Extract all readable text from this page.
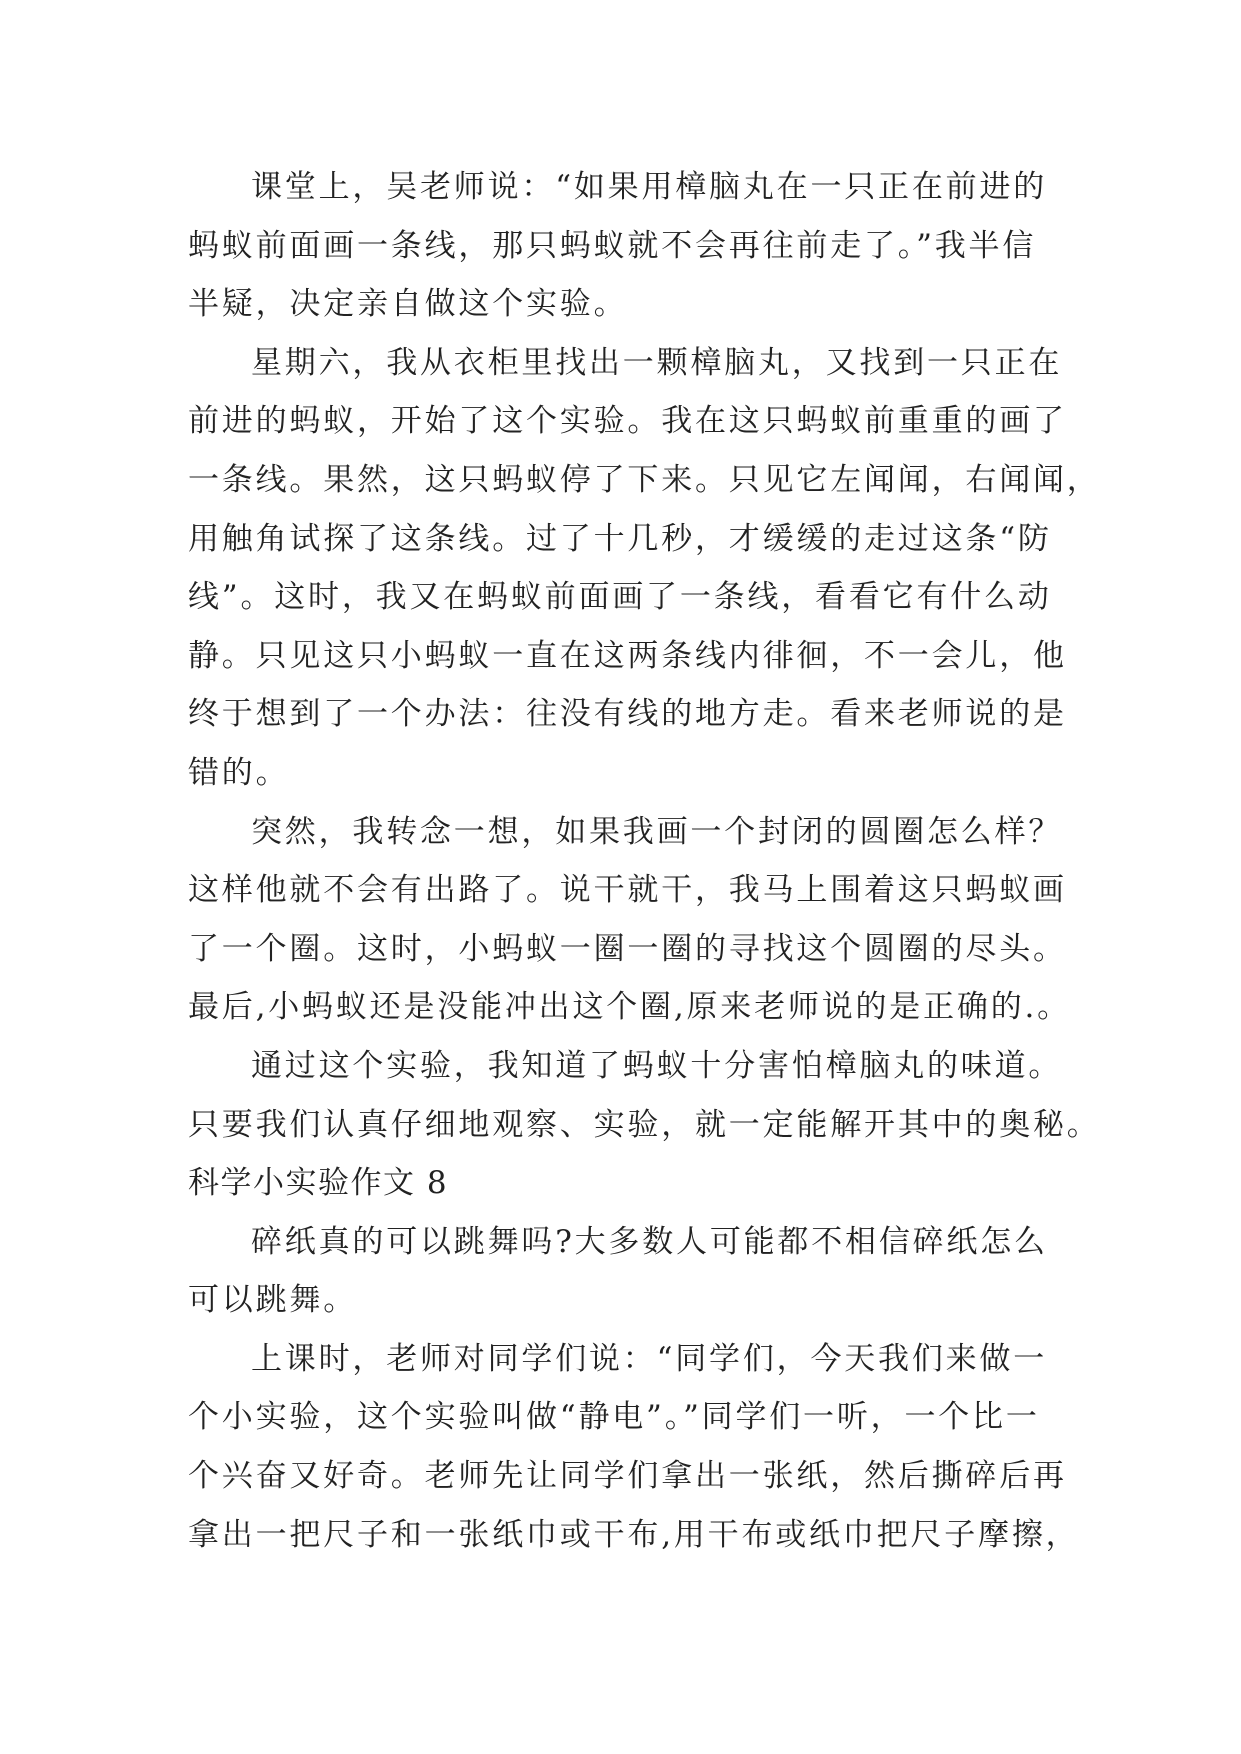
课堂上，吴老师说：“如果用樟脑丸在一只正在前进的
蚂蚁前面画一条线，那只蚂蚁就不会再往前走了。”我半信
半疑，决定亲自做这个实验。
星期六，我从衣柜里找出一颗樟脑丸，又找到一只正在
前进的蚂蚁，开始了这个实验。我在这只蚂蚁前重重的画了
一条线。果然，这只蚂蚁停了下来。只见它左闻闻，右闻闻，
用触角试探了这条线。过了十几秒，才缓缓的走过这条“防
线”。这时，我又在蚂蚁前面画了一条线，看看它有什么动
静。只见这只小蚂蚁一直在这两条线内徘徊，不一会儿，他
终于想到了一个办法：往没有线的地方走。看来老师说的是
错的。
突然，我转念一想，如果我画一个封闭的圆圈怎么样？
这样他就不会有出路了。说干就干，我马上围着这只蚂蚁画
了一个圈。这时，小蚂蚁一圈一圈的寻找这个圆圈的尽头。
最后,小蚂蚁还是没能冲出这个圈,原来老师说的是正确的.。
通过这个实验，我知道了蚂蚁十分害怕樟脑丸的味道。
只要我们认真仔细地观察、实验，就一定能解开其中的奥秘。
科学小实验作文 8
碎纸真的可以跳舞吗?大多数人可能都不相信碎纸怎么
可以跳舞。
上课时，老师对同学们说：“同学们，今天我们来做一
个小实验，这个实验叫做“静电”。”同学们一听，一个比一
个兴奋又好奇。老师先让同学们拿出一张纸，然后撕碎后再
拿出一把尺子和一张纸巾或干布,用干布或纸巾把尺子摩擦，
